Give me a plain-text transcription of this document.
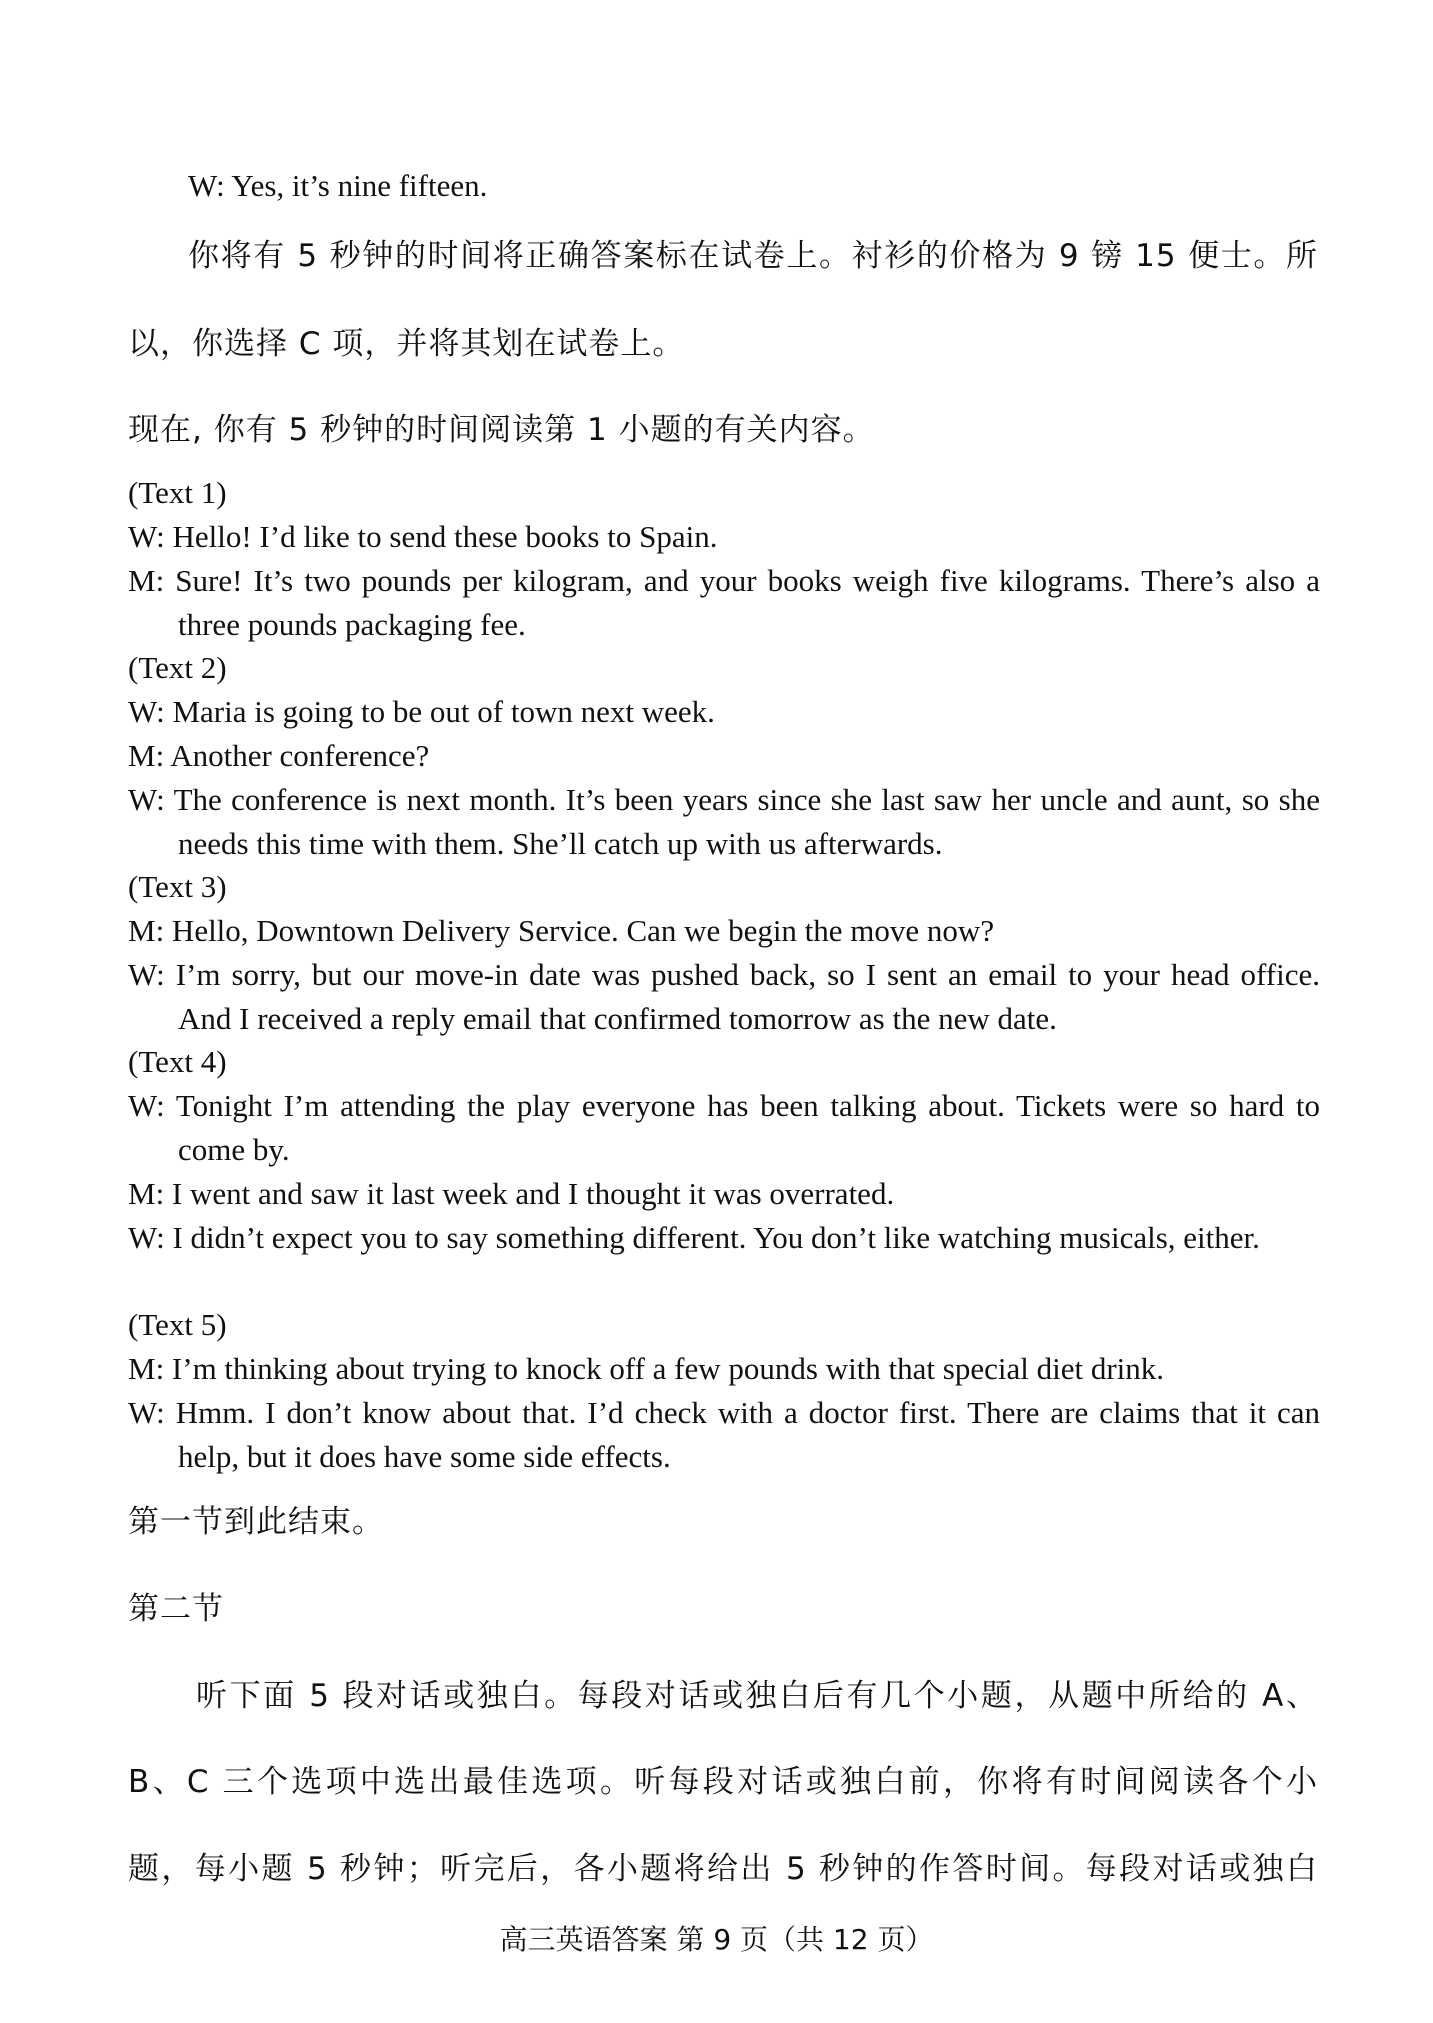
W: Yes, it’s nine fifteen.
你将有 5 秒钟的时间将正确答案标在试卷上。衬衫的价格为 9 镑 15 便士。所
以，你选择 C 项，并将其划在试卷上。
现在, 你有 5 秒钟的时间阅读第 1 小题的有关内容。
(Text 1)
W: Hello! I’d like to send these books to Spain.
M: Sure! It’s two pounds per kilogram, and your books weigh five kilograms. There’s also a three pounds packaging fee.
(Text 2)
W: Maria is going to be out of town next week.
M: Another conference?
W: The conference is next month. It’s been years since she last saw her uncle and aunt, so she needs this time with them. She’ll catch up with us afterwards.
(Text 3)
M: Hello, Downtown Delivery Service. Can we begin the move now?
W: I’m sorry, but our move-in date was pushed back, so I sent an email to your head office. And I received a reply email that confirmed tomorrow as the new date.
(Text 4)
W: Tonight I’m attending the play everyone has been talking about. Tickets were so hard to come by.
M: I went and saw it last week and I thought it was overrated.
W: I didn’t expect you to say something different. You don’t like watching musicals, either.
(Text 5)
M: I’m thinking about trying to knock off a few pounds with that special diet drink.
W: Hmm. I don’t know about that. I’d check with a doctor first. There are claims that it can help, but it does have some side effects.
第一节到此结束。
第二节
听下面 5 段对话或独白。每段对话或独白后有几个小题，从题中所给的 A、
B、C 三个选项中选出最佳选项。听每段对话或独白前，你将有时间阅读各个小
题，每小题 5 秒钟；听完后，各小题将给出 5 秒钟的作答时间。每段对话或独白
高三英语答案 第 9 页（共 12 页）
